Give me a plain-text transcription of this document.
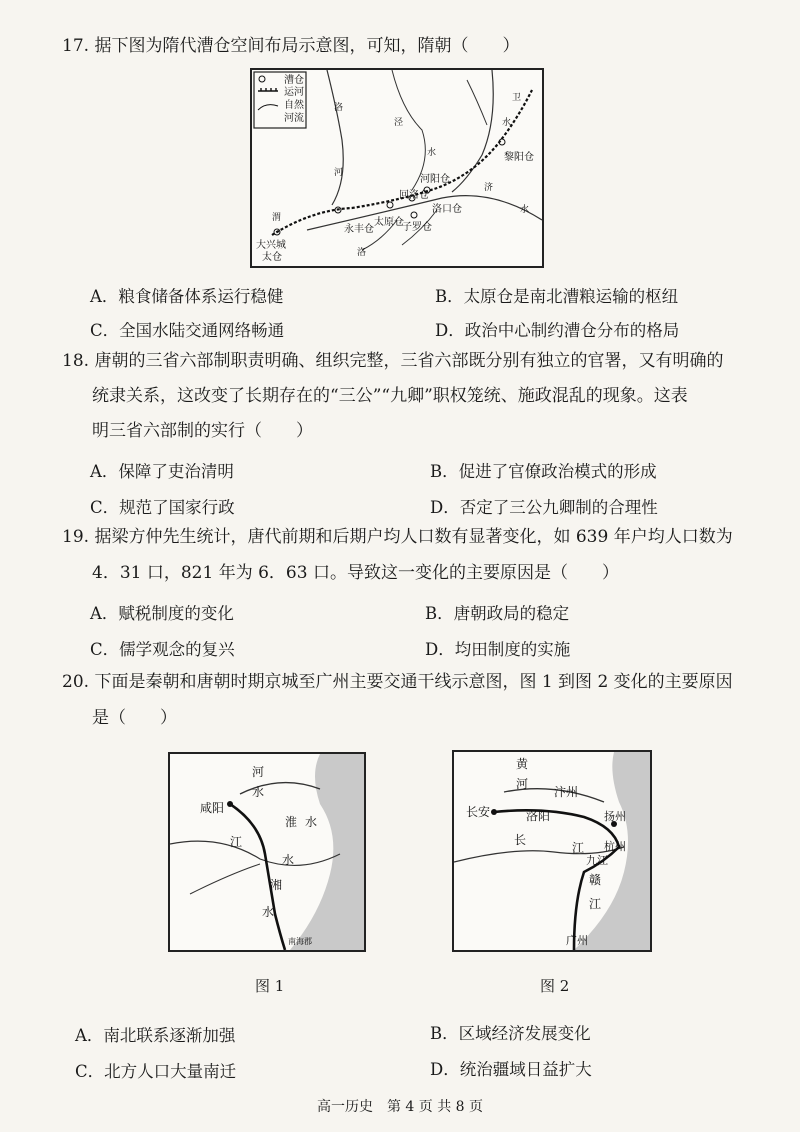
17. 据下图为隋代漕仓空间布局示意图，可知，隋朝（　　）
漕仓
运河
自然
河流
洛
河
水
泾
永丰仓
太原仓
洛
河阳仓
回洛仓
洛口仓
子罗仓
黎阳仓
济
水
渭
大兴城
太仓
卫
水
A．粮食储备体系运行稳健	B．太原仓是南北漕粮运输的枢纽
C．全国水陆交通网络畅通	D．政治中心制约漕仓分布的格局
18. 唐朝的三省六部制职责明确、组织完整，三省六部既分别有独立的官署，又有明确的
统隶关系，这改变了长期存在的“三公”“九卿”职权笼统、施政混乱的现象。这表
明三省六部制的实行（　　）
A．保障了吏治清明	B．促进了官僚政治模式的形成
C．规范了国家行政	D．否定了三公九卿制的合理性
19. 据梁方仲先生统计，唐代前期和后期户均人口数有显著变化，如 639 年户均人口数为
4．31 口，821 年为 6．63 口。导致这一变化的主要原因是（　　）
A．赋税制度的变化	B．唐朝政局的稳定
C．儒学观念的复兴	D．均田制度的实施
20. 下面是秦朝和唐朝时期京城至广州主要交通干线示意图，图 1 到图 2 变化的主要原因
是（　　）
河
水
咸阳
淮 水
江
水
湘
水
南海郡
图 1
黄
河
汴州
长安	洛阳	扬州
长
江 杭州
九江
赣
江
广州
图 2
A．南北联系逐渐加强	B．区域经济发展变化
C．北方人口大量南迁	D．统治疆域日益扩大
高一历史　第 4 页 共 8 页
